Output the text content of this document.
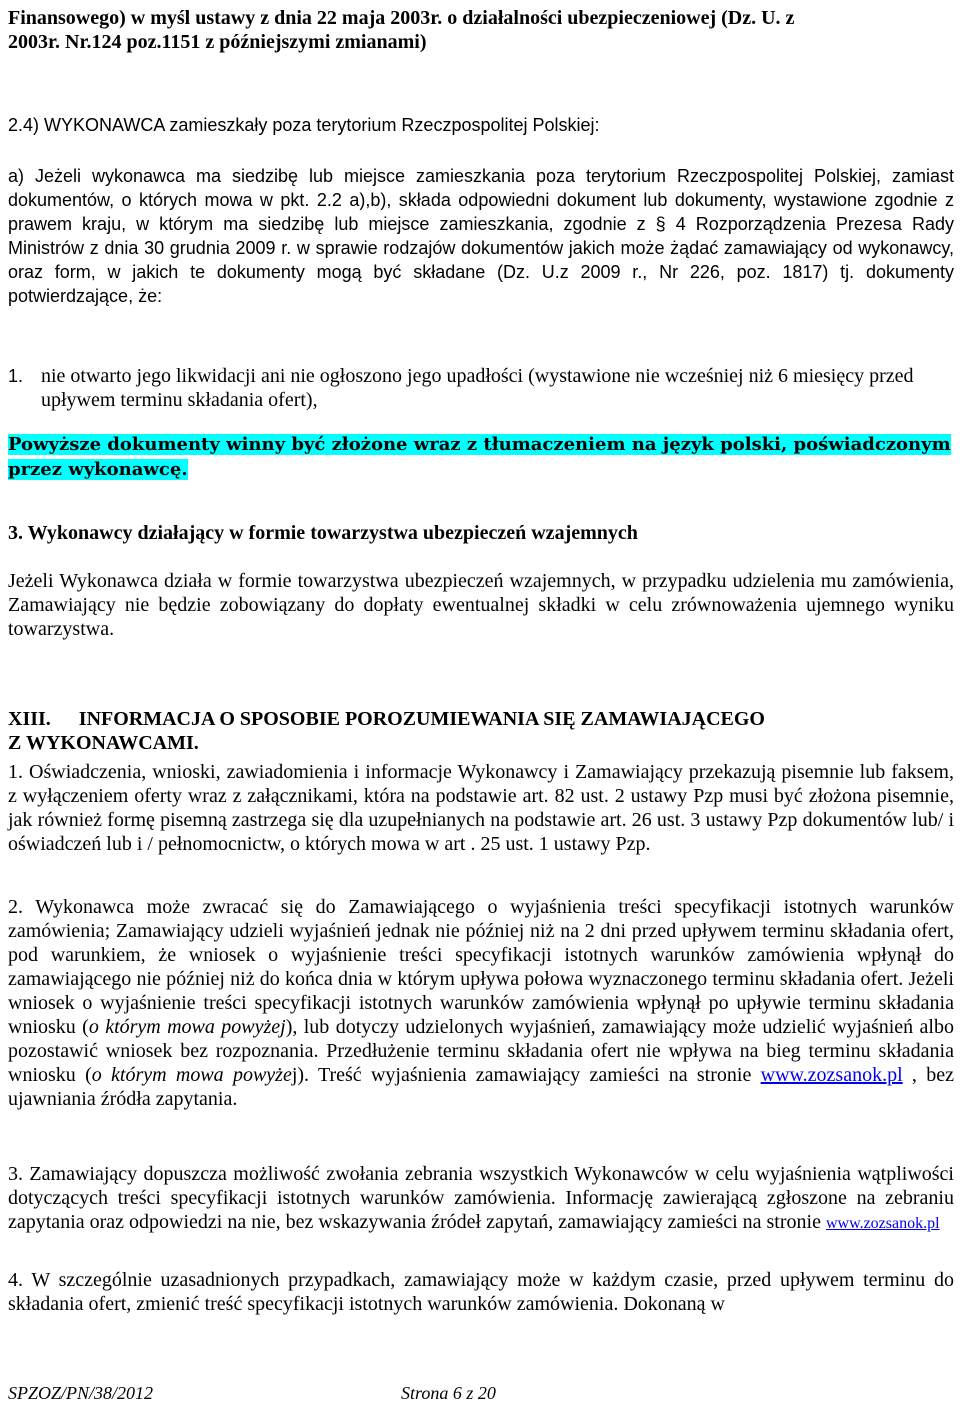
Finansowego) w myśl ustawy z dnia 22 maja 2003r. o działalności ubezpieczeniowej (Dz. U. z
2003r. Nr.124 poz.1151 z późniejszymi zmianami)
2.4) WYKONAWCA zamieszkały poza terytorium Rzeczpospolitej Polskiej:
a) Jeżeli wykonawca ma siedzibę lub miejsce zamieszkania poza terytorium Rzeczpospolitej Polskiej, zamiast dokumentów, o których mowa w pkt. 2.2 a),b), składa odpowiedni dokument lub dokumenty, wystawione zgodnie z prawem kraju, w którym ma siedzibę lub miejsce zamieszkania, zgodnie z § 4 Rozporządzenia Prezesa Rady Ministrów z dnia 30 grudnia 2009 r. w sprawie rodzajów dokumentów jakich może żądać zamawiający od wykonawcy, oraz form, w jakich te dokumenty mogą być składane (Dz. U.z 2009 r., Nr 226, poz. 1817) tj. dokumenty potwierdzające, że:
1. nie otwarto jego likwidacji ani nie ogłoszono jego upadłości (wystawione nie wcześniej niż 6 miesięcy przed upływem terminu składania ofert),
Powyższe dokumenty winny być złożone wraz z tłumaczeniem na język polski, poświadczonym przez wykonawcę.
3. Wykonawcy działający w formie towarzystwa ubezpieczeń wzajemnych
Jeżeli Wykonawca działa w formie towarzystwa ubezpieczeń wzajemnych, w przypadku udzielenia mu zamówienia, Zamawiający nie będzie zobowiązany do dopłaty ewentualnej składki w celu zrównoważenia ujemnego wyniku towarzystwa.
XIII. INFORMACJA O SPOSOBIE POROZUMIEWANIA SIĘ ZAMAWIAJĄCEGO
Z WYKONAWCAMI.
1. Oświadczenia, wnioski, zawiadomienia i informacje Wykonawcy i Zamawiający przekazują pisemnie lub faksem, z wyłączeniem oferty wraz z załącznikami, która na podstawie art. 82 ust. 2 ustawy Pzp musi być złożona pisemnie, jak również formę pisemną zastrzega się dla uzupełnianych na podstawie art. 26 ust. 3 ustawy Pzp dokumentów lub/ i oświadczeń lub i / pełnomocnictw, o których mowa w art . 25 ust. 1 ustawy Pzp.
2. Wykonawca może zwracać się do Zamawiającego o wyjaśnienia treści specyfikacji istotnych warunków zamówienia; Zamawiający udzieli wyjaśnień jednak nie później niż na 2 dni przed upływem terminu składania ofert, pod warunkiem, że wniosek o wyjaśnienie treści specyfikacji istotnych warunków zamówienia wpłynął do zamawiającego nie później niż do końca dnia w którym upływa połowa wyznaczonego terminu składania ofert. Jeżeli wniosek o wyjaśnienie treści specyfikacji istotnych warunków zamówienia wpłynął po upływie terminu składania wniosku (o którym mowa powyżej), lub dotyczy udzielonych wyjaśnień, zamawiający może udzielić wyjaśnień albo pozostawić wniosek bez rozpoznania. Przedłużenie terminu składania ofert nie wpływa na bieg terminu składania wniosku (o którym mowa powyżej). Treść wyjaśnienia zamawiający zamieści na stronie www.zozsanok.pl , bez ujawniania źródła zapytania.
3. Zamawiający dopuszcza możliwość zwołania zebrania wszystkich Wykonawców w celu wyjaśnienia wątpliwości dotyczących treści specyfikacji istotnych warunków zamówienia. Informację zawierającą zgłoszone na zebraniu zapytania oraz odpowiedzi na nie, bez wskazywania źródeł zapytań, zamawiający zamieści na stronie www.zozsanok.pl
4. W szczególnie uzasadnionych przypadkach, zamawiający może w każdym czasie, przed upływem terminu do składania ofert, zmienić treść specyfikacji istotnych warunków zamówienia. Dokonaną w
SPZOZ/PN/38/2012	Strona 6 z 20
